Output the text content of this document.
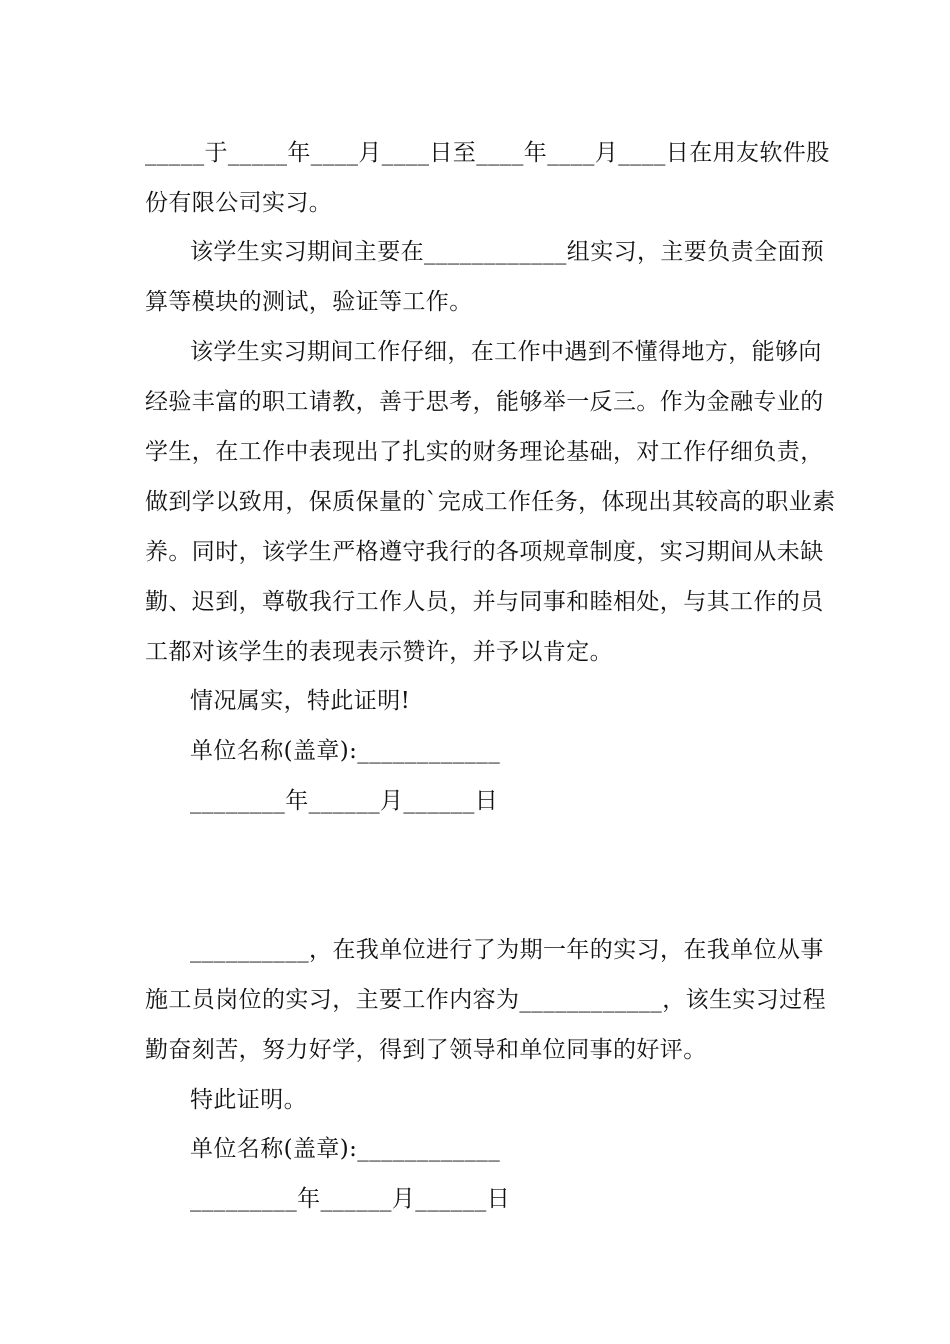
_____于_____年____月____日至____年____月____日在用友软件股
份有限公司实习。
该学生实习期间主要在____________组实习，主要负责全面预
算等模块的测试，验证等工作。
该学生实习期间工作仔细，在工作中遇到不懂得地方，能够向
经验丰富的职工请教，善于思考，能够举一反三。作为金融专业的
学生，在工作中表现出了扎实的财务理论基础，对工作仔细负责，
做到学以致用，保质保量的`完成工作任务，体现出其较高的职业素
养。同时，该学生严格遵守我行的各项规章制度，实习期间从未缺
勤、迟到，尊敬我行工作人员，并与同事和睦相处，与其工作的员
工都对该学生的表现表示赞许，并予以肯定。
情况属实，特此证明!
单位名称(盖章):____________
________年______月______日
__________，在我单位进行了为期一年的实习，在我单位从事
施工员岗位的实习，主要工作内容为____________，该生实习过程
勤奋刻苦，努力好学，得到了领导和单位同事的好评。
特此证明。
单位名称(盖章):____________
_________年______月______日
